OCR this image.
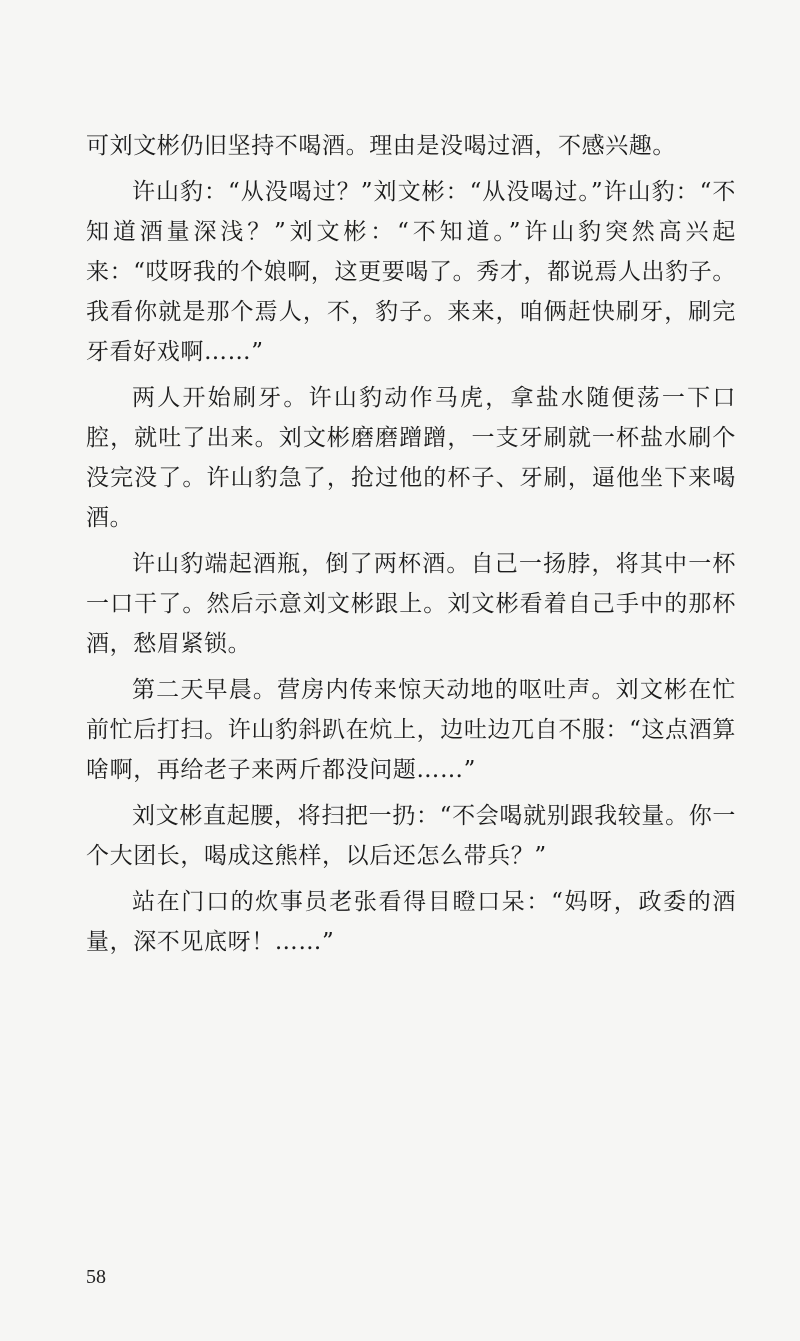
可刘文彬仍旧坚持不喝酒。理由是没喝过酒，不感兴趣。

许山豹：“从没喝过？”刘文彬：“从没喝过。”许山豹：“不知道酒量深浅？”刘文彬：“不知道。”许山豹突然高兴起来：“哎呀我的个娘啊，这更要喝了。秀才，都说焉人出豹子。我看你就是那个焉人，不，豹子。来来，咱俩赶快刷牙，刷完牙看好戏啊……”

两人开始刷牙。许山豹动作马虎，拿盐水随便荡一下口腔，就吐了出来。刘文彬磨磨蹭蹭，一支牙刷就一杯盐水刷个没完没了。许山豹急了，抢过他的杯子、牙刷，逼他坐下来喝酒。

许山豹端起酒瓶，倒了两杯酒。自己一扬脖，将其中一杯一口干了。然后示意刘文彬跟上。刘文彬看着自己手中的那杯酒，愁眉紧锁。

第二天早晨。营房内传来惊天动地的呕吐声。刘文彬在忙前忙后打扫。许山豹斜趴在炕上，边吐边兀自不服：“这点酒算啥啊，再给老子来两斤都没问题……”

刘文彬直起腰，将扫把一扔：“不会喝就别跟我较量。你一个大团长，喝成这熊样，以后还怎么带兵？”

站在门口的炊事员老张看得目瞪口呆：“妈呀，政委的酒量，深不见底呀！……”

58
